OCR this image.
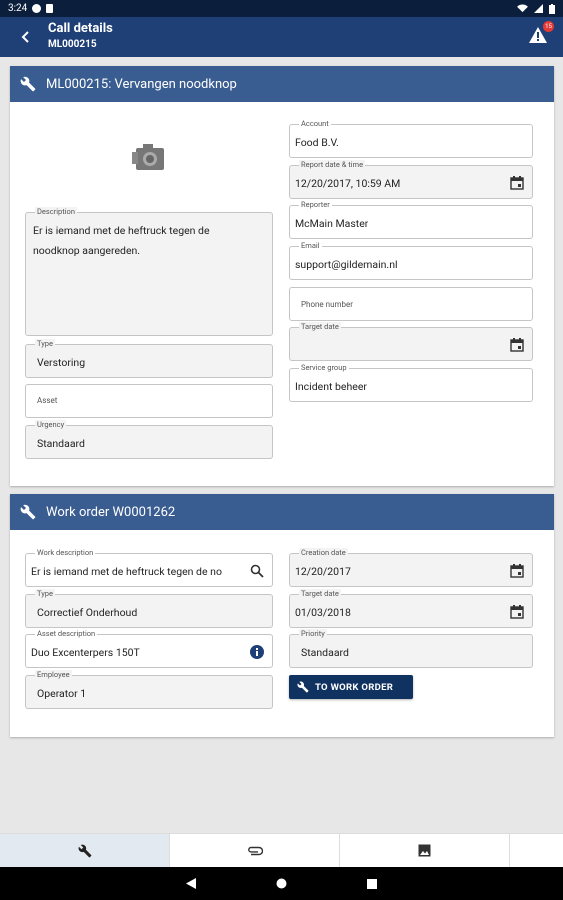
3:24
Call details
ML000215
15
ML000215: Vervangen noodknop
Description
Er is iemand met de heftruck tegen de noodknop aangereden.
Type
Verstoring
Asset
Urgency
Standaard
Account
Food B.V.
Report date & time
12/20/2017, 10:59 AM
Reporter
McMain Master
Email
support@gildemain.nl
Phone number
Target date
Service group
Incident beheer
Work order W0001262
Work description
Er is iemand met de heftruck tegen de no
Type
Correctief Onderhoud
Asset description
Duo Excenterpers 150T
Employee
Operator 1
Creation date
12/20/2017
Target date
01/03/2018
Priority
Standaard
TO WORK ORDER
